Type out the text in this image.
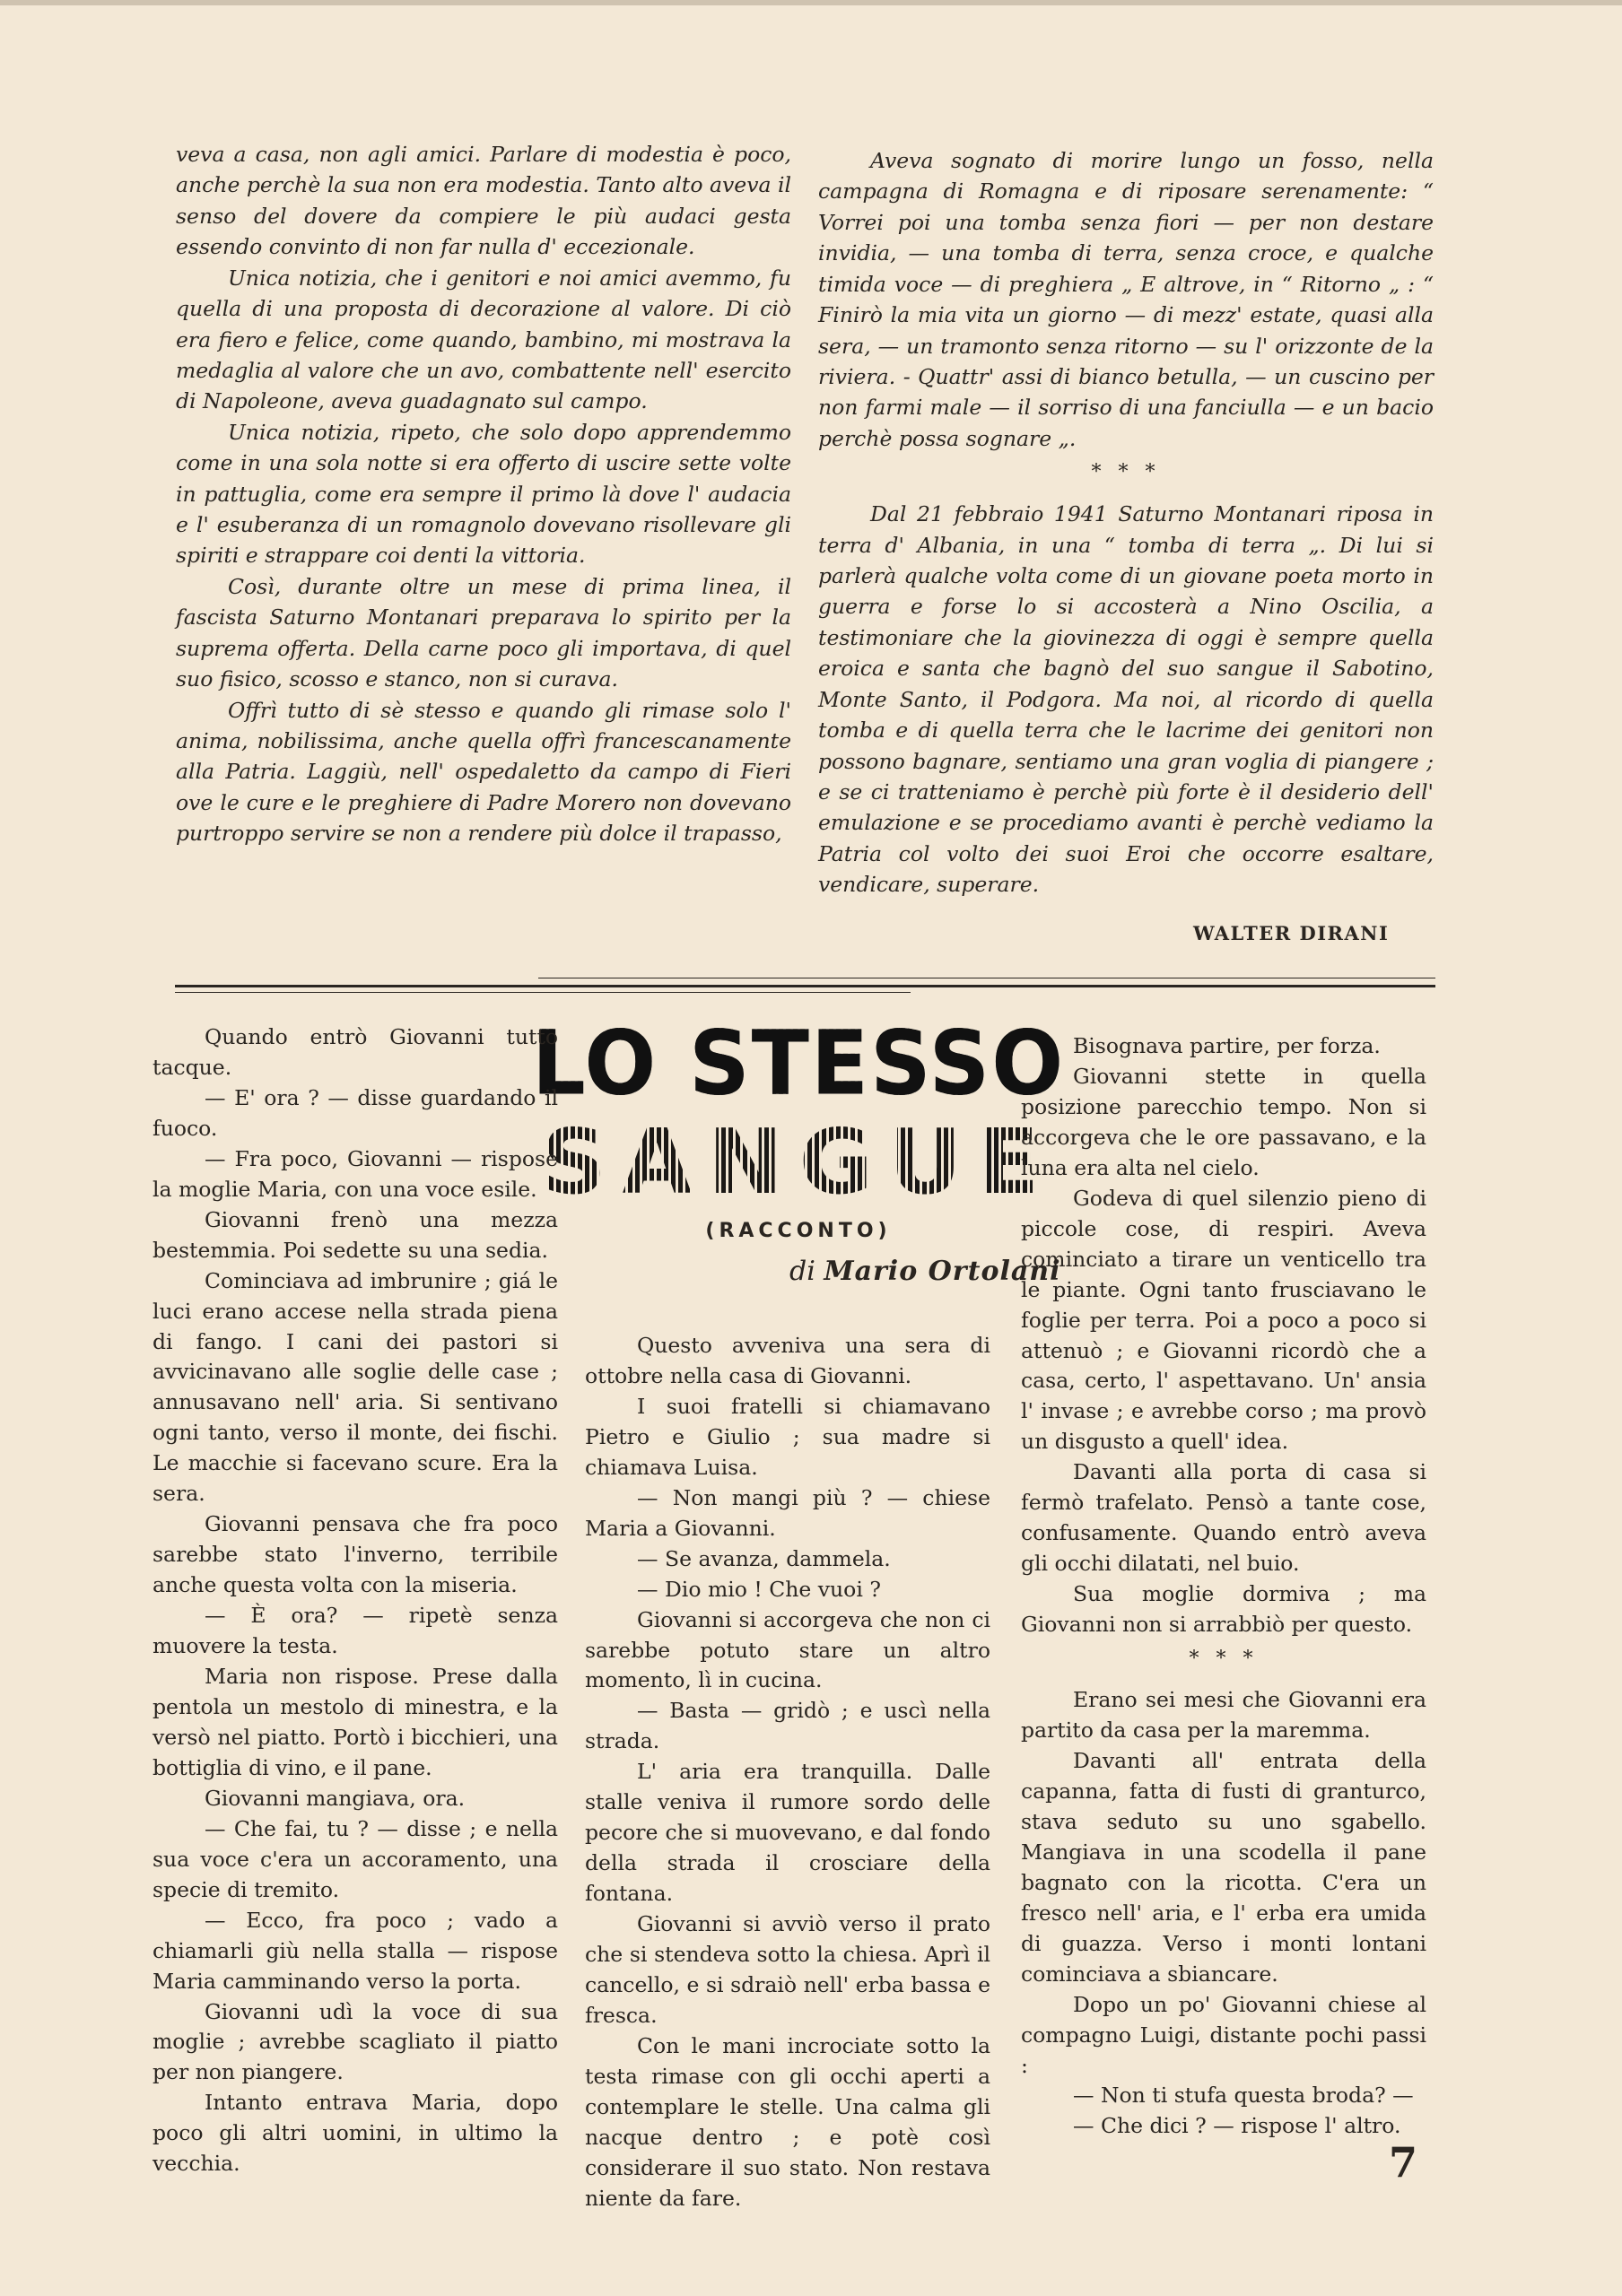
veva a casa, non agli amici. Parlare di modestia è poco, anche perchè la sua non era modestia. Tanto alto aveva il senso del dovere da compiere le più audaci gesta essendo convinto di non far nulla d' eccezionale.

Unica notizia, che i genitori e noi amici avemmo, fu quella di una proposta di decorazione al valore. Di ciò era fiero e felice, come quando, bambino, mi mostrava la medaglia al valore che un avo, combattente nell' esercito di Napoleone, aveva guadagnato sul campo.

Unica notizia, ripeto, che solo dopo apprendemmo come in una sola notte si era offerto di uscire sette volte in pattuglia, come era sempre il primo là dove l' audacia e l' esuberanza di un romagnolo dovevano risollevare gli spiriti e strappare coi denti la vittoria.

Così, durante oltre un mese di prima linea, il fascista Saturno Montanari preparava lo spirito per la suprema offerta. Della carne poco gli importava, di quel suo fisico, scosso e stanco, non si curava.

Offrì tutto di sè stesso e quando gli rimase solo l' anima, nobilissima, anche quella offrì francescanamente alla Patria. Laggiù, nell' ospedaletto da campo di Fieri ove le cure e le preghiere di Padre Morero non dovevano purtroppo servire se non a rendere più dolce il trapasso,

Aveva sognato di morire lungo un fosso, nella campagna di Romagna e di riposare serenamente: “ Vorrei poi una tomba senza fiori — per non destare invidia, — una tomba di terra, senza croce, e qualche timida voce — di preghiera „ E altrove, in “ Ritorno „ : “ Finirò la mia vita un giorno — di mezz' estate, quasi alla sera, — un tramonto senza ritorno — su l' orizzonte de la riviera. - Quattr' assi di bianco betulla, — un cuscino per non farmi male — il sorriso di una fanciulla — e un bacio perchè possa sognare „.

* * *

Dal 21 febbraio 1941 Saturno Montanari riposa in terra d' Albania, in una “ tomba di terra „. Di lui si parlerà qualche volta come di un giovane poeta morto in guerra e forse lo si accosterà a Nino Oscilia, a testimoniare che la giovinezza di oggi è sempre quella eroica e santa che bagnò del suo sangue il Sabotino, Monte Santo, il Podgora. Ma noi, al ricordo di quella tomba e di quella terra che le lacrime dei genitori non possono bagnare, sentiamo una gran voglia di piangere ; e se ci tratteniamo è perchè più forte è il desiderio dell' emulazione e se procediamo avanti è perchè vediamo la Patria col volto dei suoi Eroi che occorre esaltare, vendicare, superare.

WALTER DIRANI
LO STESSO
SANGUE
(RACCONTO)
di Mario Ortolani

Quando entrò Giovanni tutto tacque.

— E' ora ? — disse guardando il fuoco.

— Fra poco, Giovanni — rispose la moglie Maria, con una voce esile.

Giovanni frenò una mezza bestemmia. Poi sedette su una sedia.

Cominciava ad imbrunire ; giá le luci erano accese nella strada piena di fango. I cani dei pastori si avvicinavano alle soglie delle case ; annusavano nell' aria. Si sentivano ogni tanto, verso il monte, dei fischi. Le macchie si facevano scure. Era la sera.

Giovanni pensava che fra poco sarebbe stato l'inverno, terribile anche questa volta con la miseria.

— È ora? — ripetè senza muovere la testa.

Maria non rispose. Prese dalla pentola un mestolo di minestra, e la versò nel piatto. Portò i bicchieri, una bottiglia di vino, e il pane.

Giovanni mangiava, ora.

— Che fai, tu ? — disse ; e nella sua voce c'era un accoramento, una specie di tremito.

— Ecco, fra poco ; vado a chiamarli giù nella stalla — rispose Maria camminando verso la porta.

Giovanni udì la voce di sua moglie ; avrebbe scagliato il piatto per non piangere.

Intanto entrava Maria, dopo poco gli altri uomini, in ultimo la vecchia.

Questo avveniva una sera di ottobre nella casa di Giovanni.

I suoi fratelli si chiamavano Pietro e Giulio ; sua madre si chiamava Luisa.

— Non mangi più ? — chiese Maria a Giovanni.

— Se avanza, dammela.

— Dio mio ! Che vuoi ?

Giovanni si accorgeva che non ci sarebbe potuto stare un altro momento, lì in cucina.

— Basta — gridò ; e uscì nella strada.

L' aria era tranquilla. Dalle stalle veniva il rumore sordo delle pecore che si muovevano, e dal fondo della strada il crosciare della fontana.

Giovanni si avviò verso il prato che si stendeva sotto la chiesa. Aprì il cancello, e si sdraiò nell' erba bassa e fresca.

Con le mani incrociate sotto la testa rimase con gli occhi aperti a contemplare le stelle. Una calma gli nacque dentro ; e potè così considerare il suo stato. Non restava niente da fare.

Bisognava partire, per forza.

Giovanni stette in quella posizione parecchio tempo. Non si accorgeva che le ore passavano, e la luna era alta nel cielo.

Godeva di quel silenzio pieno di piccole cose, di respiri. Aveva cominciato a tirare un venticello tra le piante. Ogni tanto frusciavano le foglie per terra. Poi a poco a poco si attenuò ; e Giovanni ricordò che a casa, certo, l' aspettavano. Un' ansia l' invase ; e avrebbe corso ; ma provò un disgusto a quell' idea.

Davanti alla porta di casa si fermò trafelato. Pensò a tante cose, confusamente. Quando entrò aveva gli occhi dilatati, nel buio.

Sua moglie dormiva ; ma Giovanni non si arrabbiò per questo.

* * *

Erano sei mesi che Giovanni era partito da casa per la maremma.

Davanti all' entrata della capanna, fatta di fusti di granturco, stava seduto su uno sgabello. Mangiava in una scodella il pane bagnato con la ricotta. C'era un fresco nell' aria, e l' erba era umida di guazza. Verso i monti lontani cominciava a sbiancare.

Dopo un po' Giovanni chiese al compagno Luigi, distante pochi passi :

— Non ti stufa questa broda? —

— Che dici ? — rispose l' altro.

7
